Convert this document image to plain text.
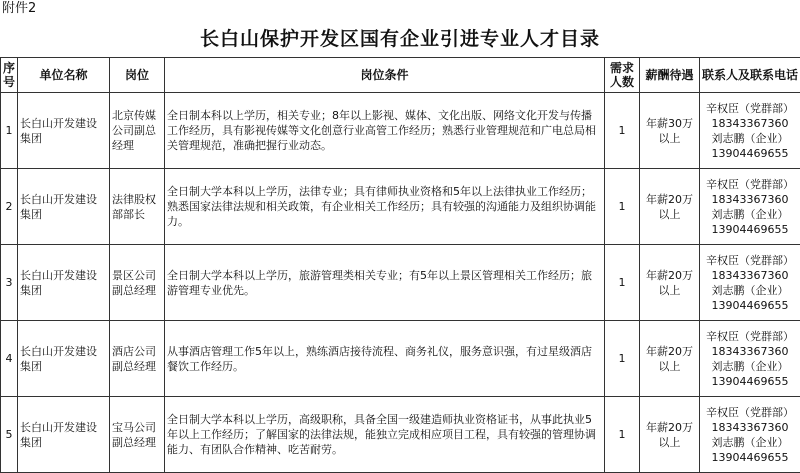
附件2
长白山保护开发区国有企业引进专业人才目录
序号	单位名称	岗位	岗位条件	需求人数	薪酬待遇	联系人及联系电话
1	长白山开发建设集团	北京传媒公司副总经理	全日制本科以上学历，相关专业；8年以上影视、媒体、文化出版、网络文化开发与传播工作经历，具有影视传媒等文化创意行业高管工作经历；熟悉行业管理规范和广电总局相关管理规范，准确把握行业动态。	1	年薪30万以上	辛权臣（党群部）
18343367360
刘志鹏（企业）
13904469655

2	长白山开发建设集团	法律股权部部长	全日制大学本科以上学历，法律专业；具有律师执业资格和5年以上法律执业工作经历；熟悉国家法律法规和相关政策，有企业相关工作经历；具有较强的沟通能力及组织协调能力。	1	年薪20万以上	辛权臣（党群部）
18343367360
刘志鹏（企业）
13904469655

3	长白山开发建设集团	景区公司副总经理	全日制大学本科以上学历，旅游管理类相关专业；有5年以上景区管理相关工作经历；旅游管理专业优先。	1	年薪20万以上	辛权臣（党群部）
18343367360
刘志鹏（企业）
13904469655

4	长白山开发建设集团	酒店公司副总经理	从事酒店管理工作5年以上，熟练酒店接待流程、商务礼仪，服务意识强，有过星级酒店餐饮工作经历。	1	年薪20万以上	辛权臣（党群部）
18343367360
刘志鹏（企业）
13904469655

5	长白山开发建设集团	宝马公司副总经理	全日制大学本科以上学历，高级职称，具备全国一级建造师执业资格证书，从事此执业5年以上工作经历；了解国家的法律法规，能独立完成相应项目工程，具有较强的管理协调能力、有团队合作精神、吃苦耐劳。	1	年薪20万以上	辛权臣（党群部）
18343367360
刘志鹏（企业）
13904469655
